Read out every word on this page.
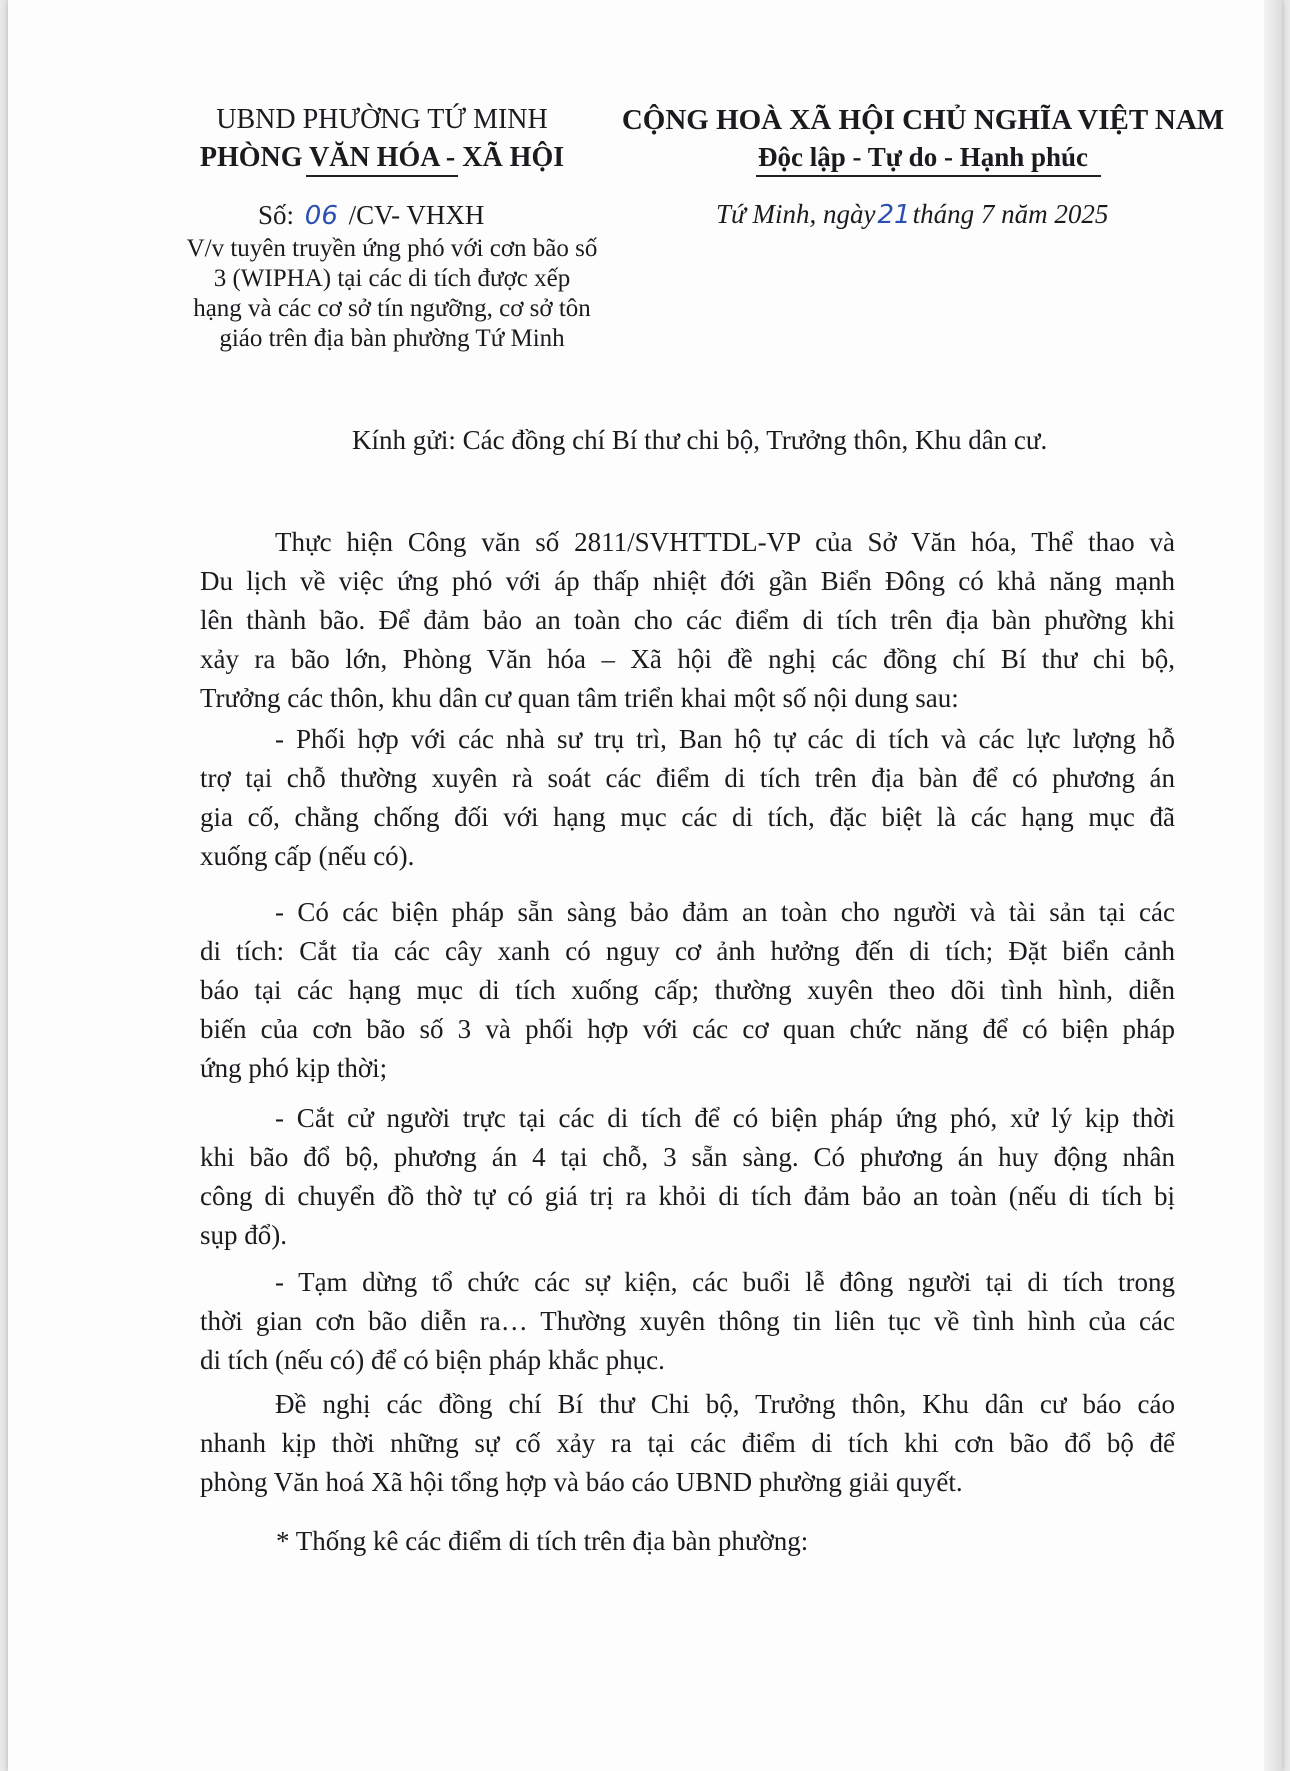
UBND PHƯỜNG TỨ MINH
PHÒNG VĂN HÓA - XÃ HỘI
CỘNG HOÀ XÃ HỘI CHỦ NGHĨA VIỆT NAM
Độc lập - Tự do - Hạnh phúc
Số: 06 /CV- VHXH	Tứ Minh, ngày21tháng 7 năm 2025
V/v tuyên truyền ứng phó với cơn bão số
3 (WIPHA) tại các di tích được xếp
hạng và các cơ sở tín ngưỡng, cơ sở tôn
giáo trên địa bàn phường Tứ Minh
Kính gửi: Các đồng chí Bí thư chi bộ, Trưởng thôn, Khu dân cư.
Thực hiện Công văn số 2811/SVHTTDL-VP của Sở Văn hóa, Thể thao và
Du lịch về việc ứng phó với áp thấp nhiệt đới gần Biển Đông có khả năng mạnh
lên thành bão. Để đảm bảo an toàn cho các điểm di tích trên địa bàn phường khi
xảy ra bão lớn, Phòng Văn hóa – Xã hội đề nghị các đồng chí Bí thư chi bộ,
Trưởng các thôn, khu dân cư quan tâm triển khai một số nội dung sau:
- Phối hợp với các nhà sư trụ trì, Ban hộ tự các di tích và các lực lượng hỗ
trợ tại chỗ thường xuyên rà soát các điểm di tích trên địa bàn để có phương án
gia cố, chằng chống đối với hạng mục các di tích, đặc biệt là các hạng mục đã
xuống cấp (nếu có).
- Có các biện pháp sẵn sàng bảo đảm an toàn cho người và tài sản tại các
di tích: Cắt tỉa các cây xanh có nguy cơ ảnh hưởng đến di tích; Đặt biển cảnh
báo tại các hạng mục di tích xuống cấp; thường xuyên theo dõi tình hình, diễn
biến của cơn bão số 3 và phối hợp với các cơ quan chức năng để có biện pháp
ứng phó kịp thời;
- Cắt cử người trực tại các di tích để có biện pháp ứng phó, xử lý kịp thời
khi bão đổ bộ, phương án 4 tại chỗ, 3 sẵn sàng. Có phương án huy động nhân
công di chuyển đồ thờ tự có giá trị ra khỏi di tích đảm bảo an toàn (nếu di tích bị
sụp đổ).
- Tạm dừng tổ chức các sự kiện, các buổi lễ đông người tại di tích trong
thời gian cơn bão diễn ra… Thường xuyên thông tin liên tục về tình hình của các
di tích (nếu có) để có biện pháp khắc phục.
Đề nghị các đồng chí Bí thư Chi bộ, Trưởng thôn, Khu dân cư báo cáo
nhanh kịp thời những sự cố xảy ra tại các điểm di tích khi cơn bão đổ bộ để
phòng Văn hoá Xã hội tổng hợp và báo cáo UBND phường giải quyết.
* Thống kê các điểm di tích trên địa bàn phường:
